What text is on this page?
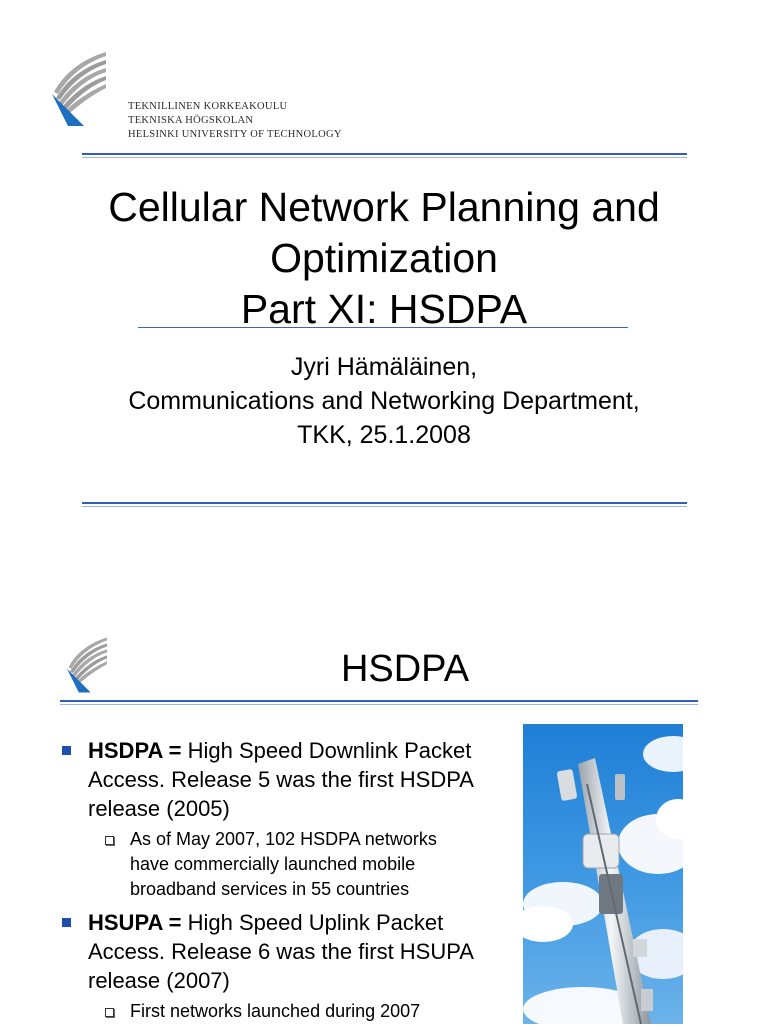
TEKNILLINEN KORKEAKOULU
TEKNISKA HÖGSKOLAN
HELSINKI UNIVERSITY OF TECHNOLOGY
Cellular Network Planning and
Optimization
Part XI: HSDPA
Jyri Hämäläinen,
Communications and Networking Department,
TKK, 25.1.2008
HSDPA
HSDPA = High Speed Downlink Packet
Access. Release 5 was the first HSDPA
release (2005)
As of May 2007, 102 HSDPA networks
have commercially launched mobile
broadband services in 55 countries
HSUPA = High Speed Uplink Packet
Access. Release 6 was the first HSUPA
release (2007)
First networks launched during 2007
